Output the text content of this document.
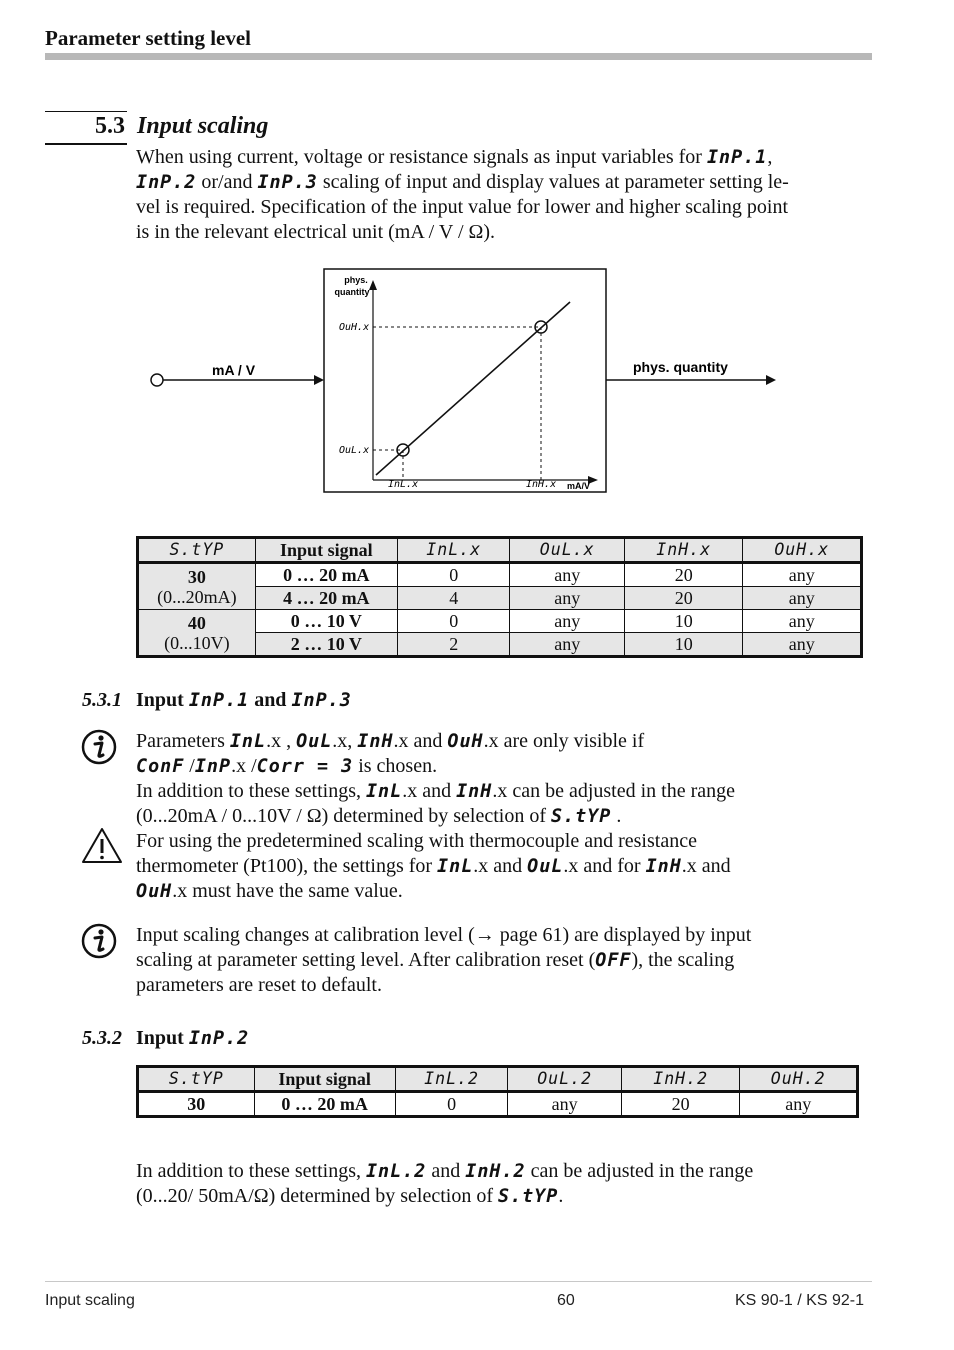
Parameter setting level
5.3 Input scaling
When using current, voltage or resistance signals as input variables for InP.1,
InP.2 or/and InP.3 scaling of input and display values at parameter setting le-
vel is required. Specification of the input value for lower and higher scaling point
is in the relevant electrical unit (mA / V / Ω).
phys.
quantity
OuH.x
OuL.x
InL.x	InH.x mA/V
mA / V	phys. quantity
S.tYP	Input signal	InL.x	OuL.x	InH.x	OuH.x

30
(0...20mA)	0 … 20 mA	0	any	20	any
	4 … 20 mA	4	any	20	any

40
(0...10V)	0 … 10 V	0	any	10	any
	2 … 10 V	2	any	10	any
5.3.1 Input InP.1 and InP.3
Parameters InL.x , OuL.x, InH.x and OuH.x are only visible if
ConF /InP.x /Corr = 3 is chosen.
In addition to these settings, InL.x and InH.x can be adjusted in the range
(0...20mA / 0...10V / Ω) determined by selection of S.tYP .
For using the predetermined scaling with thermocouple and resistance
thermometer (Pt100), the settings for InL.x and OuL.x and for InH.x and
OuH.x must have the same value.
Input scaling changes at calibration level (→ page 61) are displayed by input
scaling at parameter setting level. After calibration reset (OFF), the scaling
parameters are reset to default.
5.3.2 Input InP.2
S.tYP	Input signal	InL.2	OuL.2	InH.2	OuH.2
30	0 … 20 mA	0	any	20	any
In addition to these settings, InL.2 and InH.2 can be adjusted in the range
(0...20/ 50mA/Ω) determined by selection of S.tYP.
Input scaling	60	KS 90-1 / KS 92-1
